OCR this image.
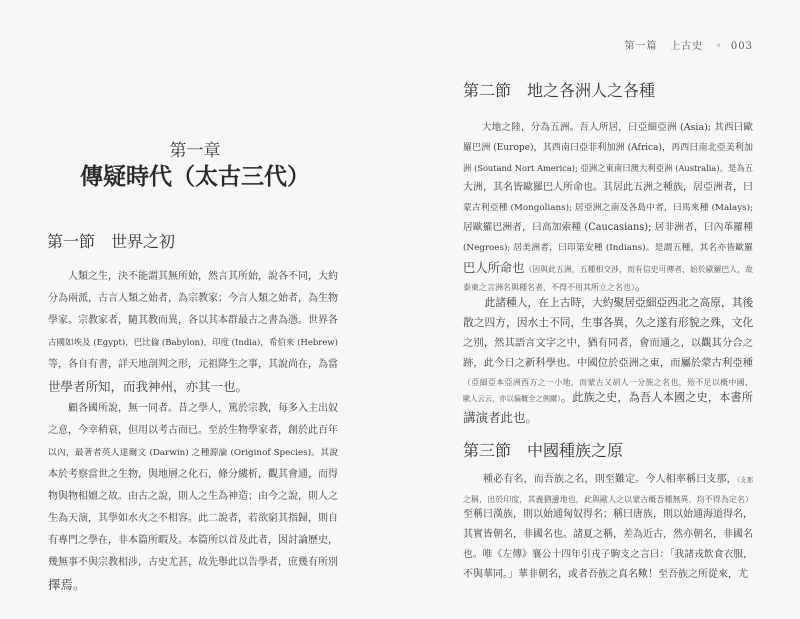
第一章
傳疑時代（太古三代）
第一節 世界之初
人類之生，決不能謂其無所始，然言其所始，說各不同，大約
分為兩派，古言人類之始者，為宗教家；今言人類之始者，為生物
學家。宗教家者，隨其教而異，各以其本群最古之書為憑。世界各
古國如埃及 (Egypt)，巴比倫 (Babylon)，印度 (India)，希伯來 (Hebrew)
等，各自有書，詳天地剖判之形，元祖降生之事，其說尚在，為當
世學者所知，而我神州，亦其一也。
顧各國所說，無一同者。昔之學人，篤於宗教，每多入主出奴
之意，今幸稍衰，但用以考古而已。至於生物學家者，創於此百年
以內，最著者英人達爾文 (Darwin) 之種源論 (Originof Species)。其說
本於考察當世之生物，與地層之化石，條分縷析，觀其會通，而得
物與物相嬗之故。由古之說，則人之生為神造；由今之說，則人之
生為天演，其學如水火之不相容。此二說者，若欲窮其指歸，則自
有專門之學在，非本篇所暇及。本篇所以首及此者，因討論歷史，
幾無事不與宗教相涉，古史尤甚，故先舉此以告學者，庶幾有所別
擇焉。
第一篇 上古史 ◦ 003
第二節 地之各洲人之各種
大地之陸，分為五洲。吾人所居，曰亞細亞洲 (Asia); 其西曰歐
羅巴洲 (Europe)，其西南曰亞非利加洲 (Africa)，再西曰南北亞美利加
洲 (Soutand Nort America); 亞洲之東南曰澳大利亞洲 (Australia)。是為五
大洲，其名皆歐羅巴人所命也。其居此五洲之種族，居亞洲者，曰
蒙古利亞種 (Mongolians); 居亞洲之南及各島中者，曰馬來種 (Malays);
居歐羅巴洲者，曰高加索種 (Caucasians); 居非洲者，曰內革羅種
(Negroes); 居美洲者，曰印第安種 (Indians)。是謂五種，其名亦皆歐羅
巴人所命也（因與此五洲，五種相交涉，而有信史可傳者，始於歐羅巴人，故
泰東之言洲名與種名者，不得不用其所立之名也）。
此諸種人，在上古時，大約聚居亞細亞西北之高原，其後
散之四方，因水土不同，生事各異，久之遂有形貌之殊，文化
之別，然其語言文字之中，猶有同者，會而通之，以觀其分合之
跡，此今日之新科學也。中國位於亞洲之東，而屬於蒙古利亞種
（亞細亞本亞洲西方之一小地，而蒙古又胡人一分族之名也，殆不足以概中國，
歐人云云，亦以偏概全之例爾）。此族之史，為吾人本國之史，本書所
講演者此也。
第三節 中國種族之原
種必有名，而吾族之名，則至難定。今人相率稱曰支那，（支那
之稱，出於印度，其義猶邊地也，此與歐人之以蒙古概吾種無異，均不得為定名）
至稱曰漢族，則以始通匈奴得名；稱曰唐族，則以始通海道得名，
其實皆朝名，非國名也。諸夏之稱，差為近古，然亦朝名，非國名
也。唯《左傳》襄公十四年引戎子駒支之言曰：「我諸戎飲食衣服，
不與華同。」華非朝名，或者吾族之真名歟！至吾族之所從來，尤
